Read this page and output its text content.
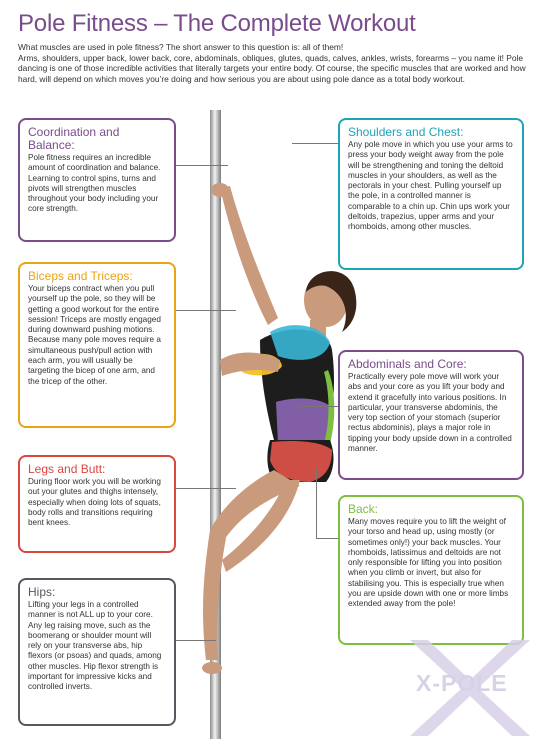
Pole Fitness – The Complete Workout

What muscles are used in pole fitness? The short answer to this question is: all of them!

Arms, shoulders, upper back, lower back, core, abdominals, obliques, glutes, quads, calves, ankles, wrists, forearms – you name it! Pole dancing is one of those incredible activities that literally targets your entire body. Of course, the specific muscles that are worked and how hard, will depend on which moves you’re doing and how serious you are about using pole dance as a total body workout.

Coordination and Balance:

Pole fitness requires an incredible amount of coordination and balance. Learning to control spins, turns and pivots will strengthen muscles throughout your body including your core strength.

Biceps and Triceps:

Your biceps contract when you pull yourself up the pole, so they will be getting a good workout for the entire session! Triceps are mostly engaged during downward pushing motions. Because many pole moves require a simultaneous push/pull action with each arm, you will usually be targeting the bicep of one arm, and the tricep of the other.

Legs and Butt:

During floor work you will be working out your glutes and thighs intensely, especially when doing lots of squats, body rolls and transitions requiring bent knees.

Hips:

Lifting your legs in a controlled manner is not ALL up to your core. Any leg raising move, such as the boomerang or shoulder mount will rely on your transverse abs, hip flexors (or psoas) and quads, among other muscles. Hip flexor strength is important for impressive kicks and controlled inverts.

Shoulders and Chest:

Any pole move in which you use your arms to press your body weight away from the pole will be strengthening and toning the deltoid muscles in your shoulders, as well as the pectorals in your chest. Pulling yourself up the pole, in a controlled manner is comparable to a chin up. Chin ups work your deltoids, trapezius, upper arms and your rhomboids, among other muscles.

Abdominals and Core:

Practically every pole move will work your abs and your core as you lift your body and extend it gracefully into various positions. In particular, your transverse abdominis, the very top section of your stomach (superior rectus abdominis), plays a major role in tipping your body upside down in a controlled manner.

Back:

Many moves require you to lift the weight of your torso and head up, using mostly (or sometimes only!) your back muscles. Your rhomboids, latissimus and deltoids are not only responsible for lifting you into position when you climb or invert, but also for stabilising you. This is especially true when you are upside down with one or more limbs extended away from the pole!

X-POLE
